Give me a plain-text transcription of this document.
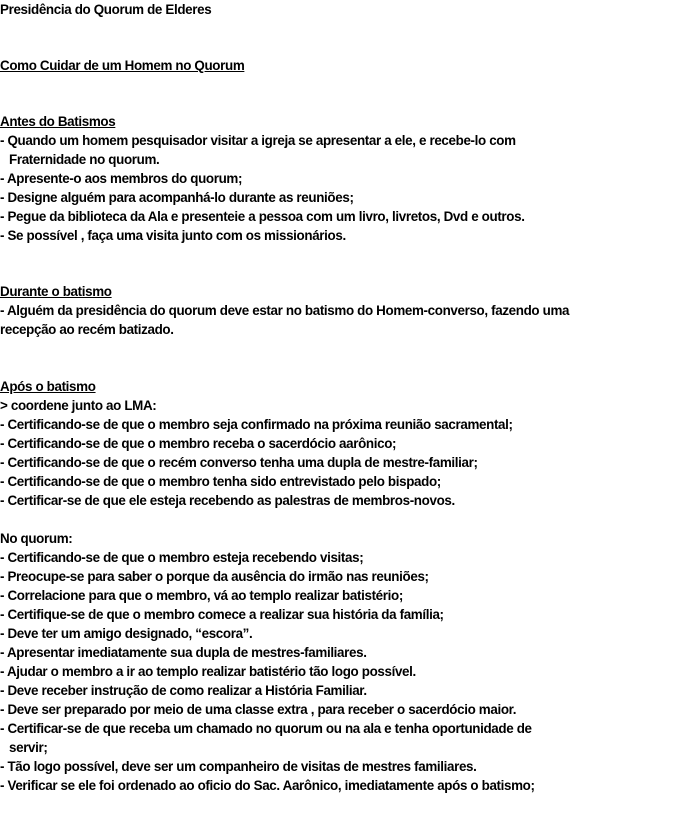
Presidência do Quorum de Elderes
Como Cuidar de um Homem no Quorum
Antes do Batismos
- Quando um homem pesquisador visitar a igreja se apresentar a ele, e recebe-lo com
Fraternidade no quorum.
- Apresente-o aos membros do quorum;
- Designe alguém para acompanhá-lo durante as reuniões;
- Pegue da biblioteca da Ala e presenteie a pessoa com um livro, livretos, Dvd e outros.
- Se possível , faça uma visita junto com os missionários.
Durante o batismo
- Alguém da presidência do quorum deve estar no batismo do Homem-converso, fazendo uma
recepção ao recém batizado.
Após o batismo
> coordene junto ao LMA:
- Certificando-se de que o membro seja confirmado na próxima reunião sacramental;
- Certificando-se de que o membro receba o sacerdócio aarônico;
- Certificando-se de que o recém converso tenha uma dupla de mestre-familiar;
- Certificando-se de que o membro tenha sido entrevistado pelo bispado;
- Certificar-se de que ele esteja recebendo as palestras de membros-novos.
No quorum:
- Certificando-se de que o membro esteja recebendo visitas;
- Preocupe-se para saber o porque da ausência do irmão nas reuniões;
- Correlacione para que o membro, vá ao templo realizar batistério;
- Certifique-se de que o membro comece a realizar sua história da família;
- Deve ter um amigo designado, “escora”.
- Apresentar imediatamente sua dupla de mestres-familiares.
- Ajudar o membro a ir ao templo realizar batistério tão logo possível.
- Deve receber instrução de como realizar a História Familiar.
- Deve ser preparado por meio de uma classe extra , para receber o sacerdócio maior.
- Certificar-se de que receba um chamado no quorum ou na ala e tenha oportunidade de
servir;
- Tão logo possível, deve ser um companheiro de visitas de mestres familiares.
- Verificar se ele foi ordenado ao oficio do Sac. Aarônico, imediatamente após o batismo;
